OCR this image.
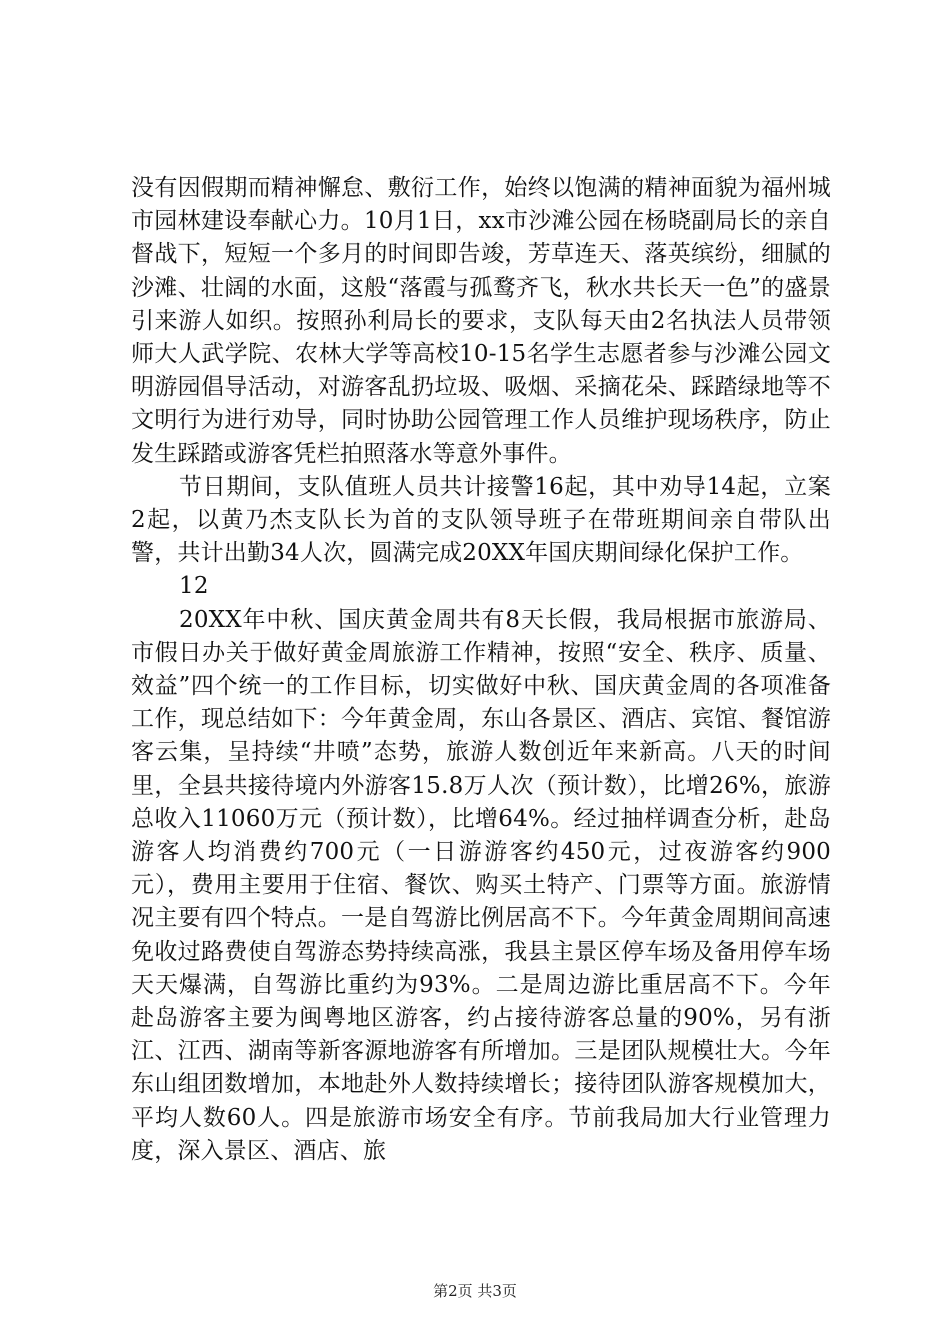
没有因假期而精神懈怠、敷衍工作，始终以饱满的精神面貌为福州城市园林建设奉献心力。10月1日，xx市沙滩公园在杨晓副局长的亲自督战下，短短一个多月的时间即告竣，芳草连天、落英缤纷，细腻的沙滩、壮阔的水面，这般“落霞与孤鹜齐飞，秋水共长天一色”的盛景引来游人如织。按照孙利局长的要求，支队每天由2名执法人员带领师大人武学院、农林大学等高校10-15名学生志愿者参与沙滩公园文明游园倡导活动，对游客乱扔垃圾、吸烟、采摘花朵、踩踏绿地等不文明行为进行劝导，同时协助公园管理工作人员维护现场秩序，防止发生踩踏或游客凭栏拍照落水等意外事件。

节日期间，支队值班人员共计接警16起，其中劝导14起，立案2起，以黄乃杰支队长为首的支队领导班子在带班期间亲自带队出警，共计出勤34人次，圆满完成20XX年国庆期间绿化保护工作。

12

20XX年中秋、国庆黄金周共有8天长假，我局根据市旅游局、市假日办关于做好黄金周旅游工作精神，按照“安全、秩序、质量、效益”四个统一的工作目标，切实做好中秋、国庆黄金周的各项准备工作，现总结如下：今年黄金周，东山各景区、酒店、宾馆、餐馆游客云集，呈持续“井喷”态势，旅游人数创近年来新高。八天的时间里，全县共接待境内外游客15.8万人次（预计数），比增26%，旅游总收入11060万元（预计数），比增64%。经过抽样调查分析，赴岛游客人均消费约700元（一日游游客约450元，过夜游客约900元），费用主要用于住宿、餐饮、购买土特产、门票等方面。旅游情况主要有四个特点。一是自驾游比例居高不下。今年黄金周期间高速免收过路费使自驾游态势持续高涨，我县主景区停车场及备用停车场天天爆满，自驾游比重约为93%。二是周边游比重居高不下。今年赴岛游客主要为闽粤地区游客，约占接待游客总量的90%，另有浙江、江西、湖南等新客源地游客有所增加。三是团队规模壮大。今年东山组团数增加，本地赴外人数持续增长；接待团队游客规模加大，平均人数60人。四是旅游市场安全有序。节前我局加大行业管理力度，深入景区、酒店、旅

第2页 共3页
